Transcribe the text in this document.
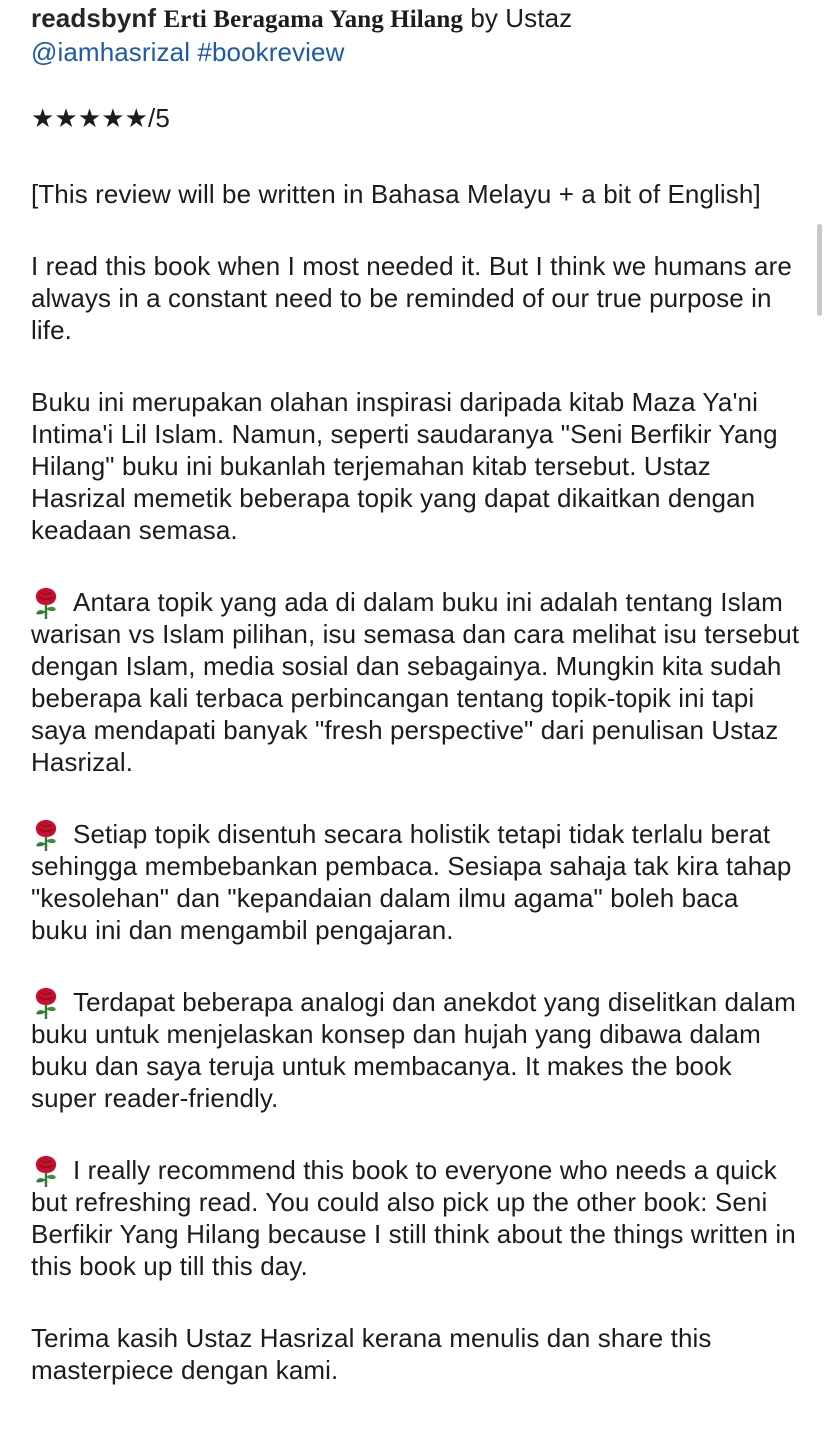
readsbynf Erti Beragama Yang Hilang by Ustaz
@iamhasrizal #bookreview

★★★★★/5

[This review will be written in Bahasa Melayu + a bit of English]

I read this book when I most needed it. But I think we humans are always in a constant need to be reminded of our true purpose in life.

Buku ini merupakan olahan inspirasi daripada kitab Maza Ya'ni Intima'i Lil Islam. Namun, seperti saudaranya "Seni Berfikir Yang Hilang" buku ini bukanlah terjemahan kitab tersebut. Ustaz Hasrizal memetik beberapa topik yang dapat dikaitkan dengan keadaan semasa.

Antara topik yang ada di dalam buku ini adalah tentang Islam warisan vs Islam pilihan, isu semasa dan cara melihat isu tersebut dengan Islam, media sosial dan sebagainya. Mungkin kita sudah beberapa kali terbaca perbincangan tentang topik-topik ini tapi saya mendapati banyak "fresh perspective" dari penulisan Ustaz Hasrizal.

Setiap topik disentuh secara holistik tetapi tidak terlalu berat sehingga membebankan pembaca. Sesiapa sahaja tak kira tahap "kesolehan" dan "kepandaian dalam ilmu agama" boleh baca buku ini dan mengambil pengajaran.

Terdapat beberapa analogi dan anekdot yang diselitkan dalam buku untuk menjelaskan konsep dan hujah yang dibawa dalam buku dan saya teruja untuk membacanya. It makes the book super reader-friendly.

I really recommend this book to everyone who needs a quick but refreshing read. You could also pick up the other book: Seni Berfikir Yang Hilang because I still think about the things written in this book up till this day.

Terima kasih Ustaz Hasrizal kerana menulis dan share this masterpiece dengan kami.
